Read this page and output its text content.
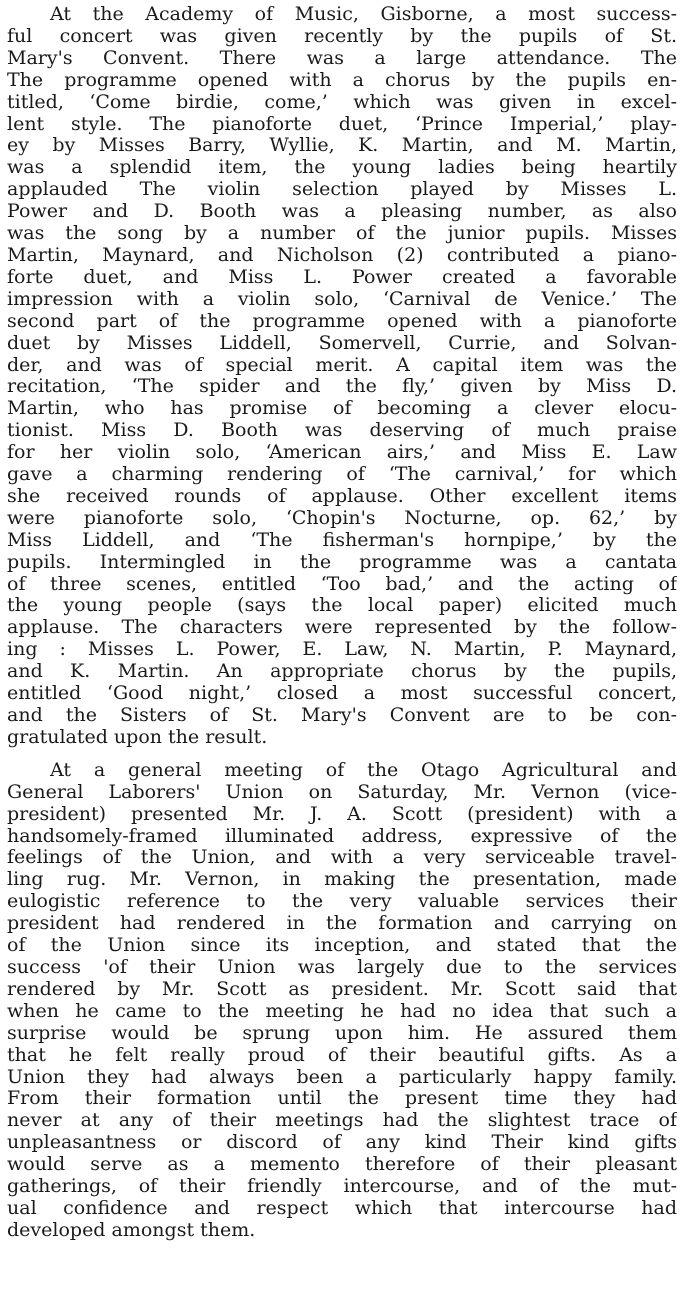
At the Academy of Music, Gisborne, a most success-
ful concert was given recently by the pupils of St.
Mary's Convent. There was a large attendance. The
The programme opened with a chorus by the pupils en-
titled, ‘Come birdie, come,’ which was given in excel-
lent style. The pianoforte duet, ‘Prince Imperial,’ play-
ey by Misses Barry, Wyllie, K. Martin, and M. Martin,
was a splendid item, the young ladies being heartily
applauded The violin selection played by Misses L.
Power and D. Booth was a pleasing number, as also
was the song by a number of the junior pupils. Misses
Martin, Maynard, and Nicholson (2) contributed a piano-
forte duet, and Miss L. Power created a favorable
impression with a violin solo, ‘Carnival de Venice.’ The
second part of the programme opened with a pianoforte
duet by Misses Liddell, Somervell, Currie, and Solvan-
der, and was of special merit. A capital item was the
recitation, ‘The spider and the fly,’ given by Miss D.
Martin, who has promise of becoming a clever elocu-
tionist. Miss D. Booth was deserving of much praise
for her violin solo, ‘American airs,’ and Miss E. Law
gave a charming rendering of ‘The carnival,’ for which
she received rounds of applause. Other excellent items
were pianoforte solo, ‘Chopin's Nocturne, op. 62,’ by
Miss Liddell, and ‘The fisherman's hornpipe,’ by the
pupils. Intermingled in the programme was a cantata
of three scenes, entitled ‘Too bad,’ and the acting of
the young people (says the local paper) elicited much
applause. The characters were represented by the follow-
ing : Misses L. Power, E. Law, N. Martin, P. Maynard,
and K. Martin. An appropriate chorus by the pupils,
entitled ‘Good night,’ closed a most successful concert,
and the Sisters of St. Mary's Convent are to be con-
gratulated upon the result.
At a general meeting of the Otago Agricultural and
General Laborers' Union on Saturday, Mr. Vernon (vice-
president) presented Mr. J. A. Scott (president) with a
handsomely-framed illuminated address, expressive of the
feelings of the Union, and with a very serviceable travel-
ling rug. Mr. Vernon, in making the presentation, made
eulogistic reference to the very valuable services their
president had rendered in the formation and carrying on
of the Union since its inception, and stated that the
success 'of their Union was largely due to the services
rendered by Mr. Scott as president. Mr. Scott said that
when he came to the meeting he had no idea that such a
surprise would be sprung upon him. He assured them
that he felt really proud of their beautiful gifts. As a
Union they had always been a particularly happy family.
From their formation until the present time they had
never at any of their meetings had the slightest trace of
unpleasantness or discord of any kind Their kind gifts
would serve as a memento therefore of their pleasant
gatherings, of their friendly intercourse, and of the mut-
ual confidence and respect which that intercourse had
developed amongst them.
